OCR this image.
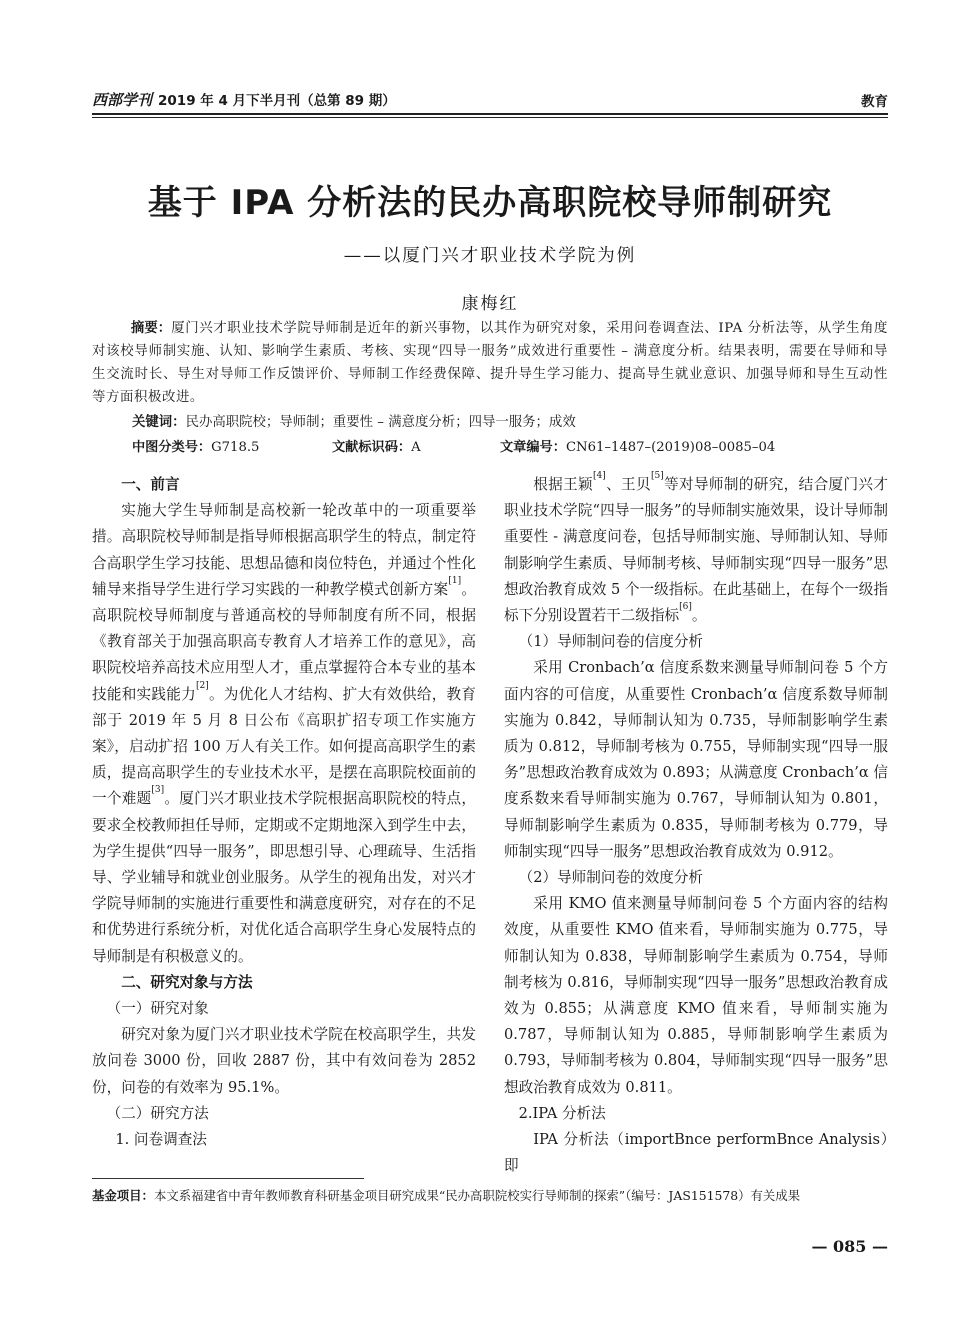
西部学刊 2019 年 4 月下半月刊（总第 89 期）	教育
基于 IPA 分析法的民办高职院校导师制研究
——以厦门兴才职业技术学院为例
康梅红
摘要：厦门兴才职业技术学院导师制是近年的新兴事物，以其作为研究对象，采用问卷调查法、IPA 分析法等，从学生角度对该校导师制实施、认知、影响学生素质、考核、实现“四导一服务”成效进行重要性 – 满意度分析。结果表明，需要在导师和导生交流时长、导生对导师工作反馈评价、导师制工作经费保障、提升导生学习能力、提高导生就业意识、加强导师和导生互动性等方面积极改进。
关键词：民办高职院校；导师制；重要性 – 满意度分析；四导一服务；成效
中图分类号：G718.5	文献标识码：A	文章编号：CN61–1487–(2019)08–0085–04

一、前言

实施大学生导师制是高校新一轮改革中的一项重要举措。高职院校导师制是指导师根据高职学生的特点，制定符合高职学生学习技能、思想品德和岗位特色，并通过个性化辅导来指导学生进行学习实践的一种教学模式创新方案[1]。高职院校导师制度与普通高校的导师制度有所不同，根据《教育部关于加强高职高专教育人才培养工作的意见》，高职院校培养高技术应用型人才，重点掌握符合本专业的基本技能和实践能力[2]。为优化人才结构、扩大有效供给，教育部于 2019 年 5 月 8 日公布《高职扩招专项工作实施方案》，启动扩招 100 万人有关工作。如何提高高职学生的素质，提高高职学生的专业技术水平，是摆在高职院校面前的一个难题[3]。厦门兴才职业技术学院根据高职院校的特点，要求全校教师担任导师，定期或不定期地深入到学生中去，为学生提供“四导一服务”，即思想引导、心理疏导、生活指导、学业辅导和就业创业服务。从学生的视角出发，对兴才学院导师制的实施进行重要性和满意度研究，对存在的不足和优势进行系统分析，对优化适合高职学生身心发展特点的导师制是有积极意义的。

二、研究对象与方法

（一）研究对象

研究对象为厦门兴才职业技术学院在校高职学生，共发放问卷 3000 份，回收 2887 份，其中有效问卷为 2852 份，问卷的有效率为 95.1%。

（二）研究方法

1. 问卷调查法

根据王颖[4]、王贝[5]等对导师制的研究，结合厦门兴才职业技术学院“四导一服务”的导师制实施效果，设计导师制重要性 - 满意度问卷，包括导师制实施、导师制认知、导师制影响学生素质、导师制考核、导师制实现“四导一服务”思想政治教育成效 5 个一级指标。在此基础上，在每个一级指标下分别设置若干二级指标[6]。

（1）导师制问卷的信度分析

采用 Cronbach’α 信度系数来测量导师制问卷 5 个方面内容的可信度，从重要性 Cronbach’α 信度系数导师制实施为 0.842，导师制认知为 0.735，导师制影响学生素质为 0.812，导师制考核为 0.755，导师制实现“四导一服务”思想政治教育成效为 0.893；从满意度 Cronbach’α 信度系数来看导师制实施为 0.767，导师制认知为 0.801，导师制影响学生素质为 0.835，导师制考核为 0.779，导师制实现“四导一服务”思想政治教育成效为 0.912。

（2）导师制问卷的效度分析

采用 KMO 值来测量导师制问卷 5 个方面内容的结构效度，从重要性 KMO 值来看，导师制实施为 0.775，导师制认知为 0.838，导师制影响学生素质为 0.754，导师制考核为 0.816，导师制实现“四导一服务”思想政治教育成效为 0.855；从满意度 KMO 值来看，导师制实施为 0.787，导师制认知为 0.885，导师制影响学生素质为 0.793，导师制考核为 0.804，导师制实现“四导一服务”思想政治教育成效为 0.811。

2.IPA 分析法

IPA 分析法（importBnce performBnce Analysis）即

基金项目：本文系福建省中青年教师教育科研基金项目研究成果“民办高职院校实行导师制的探索”（编号：JAS151578）有关成果
— 085 —
